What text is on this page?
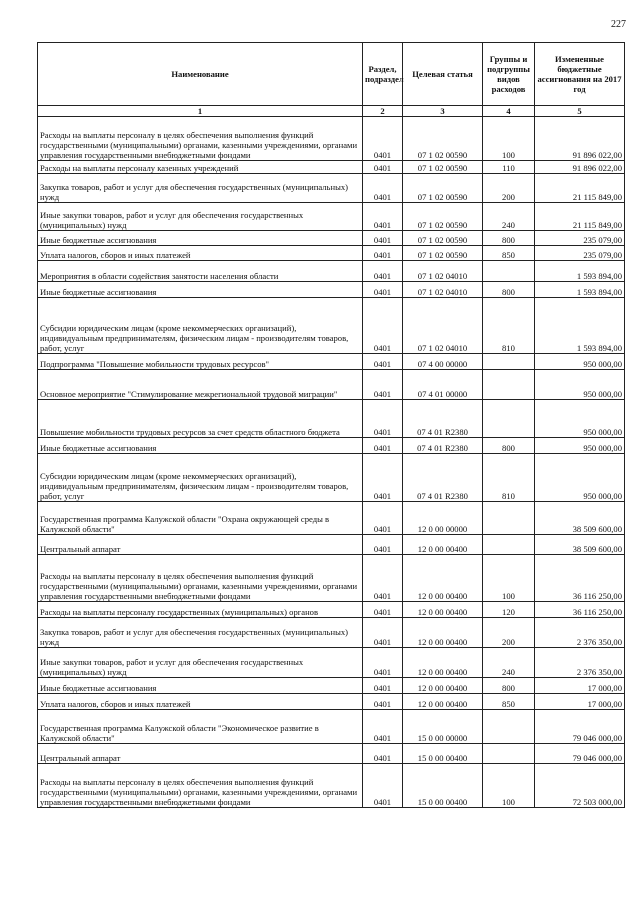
227
Наименование	Раздел, подраздел	Целевая статья	Группы и подгруппы видов расходов	Измененные бюджетные ассигнования на 2017 год
1	2	3	4	5
Расходы на выплаты персоналу в целях обеспечения выполнения функций государственными (муниципальными) органами, казенными учреждениями, органами управления государственными внебюджетными фондами	0401	07 1 02 00590	100	91 896 022,00
Расходы на выплаты персоналу казенных учреждений	0401	07 1 02 00590	110	91 896 022,00
Закупка товаров, работ и услуг для обеспечения государственных (муниципальных) нужд	0401	07 1 02 00590	200	21 115 849,00
Иные закупки товаров, работ и услуг для обеспечения государственных (муниципальных) нужд	0401	07 1 02 00590	240	21 115 849,00
Иные бюджетные ассигнования	0401	07 1 02 00590	800	235 079,00
Уплата налогов, сборов и иных платежей	0401	07 1 02 00590	850	235 079,00
Мероприятия в области содействия занятости населения области	0401	07 1 02 04010		1 593 894,00
Иные бюджетные ассигнования	0401	07 1 02 04010	800	1 593 894,00
Субсидии юридическим лицам (кроме некоммерческих организаций), индивидуальным предпринимателям, физическим лицам - производителям товаров, работ, услуг	0401	07 1 02 04010	810	1 593 894,00
Подпрограмма "Повышение мобильности трудовых ресурсов"	0401	07 4 00 00000		950 000,00
Основное мероприятие "Стимулирование межрегиональной трудовой миграции"	0401	07 4 01 00000		950 000,00
Повышение мобильности трудовых ресурсов за счет средств областного бюджета	0401	07 4 01 R2380		950 000,00
Иные бюджетные ассигнования	0401	07 4 01 R2380	800	950 000,00
Субсидии юридическим лицам (кроме некоммерческих организаций), индивидуальным предпринимателям, физическим лицам - производителям товаров, работ, услуг	0401	07 4 01 R2380	810	950 000,00
Государственная программа Калужской области "Охрана окружающей среды в Калужской области"	0401	12 0 00 00000		38 509 600,00
Центральный аппарат	0401	12 0 00 00400		38 509 600,00
Расходы на выплаты персоналу в целях обеспечения выполнения функций государственными (муниципальными) органами, казенными учреждениями, органами управления государственными внебюджетными фондами	0401	12 0 00 00400	100	36 116 250,00
Расходы на выплаты персоналу государственных (муниципальных) органов	0401	12 0 00 00400	120	36 116 250,00
Закупка товаров, работ и услуг для обеспечения государственных (муниципальных) нужд	0401	12 0 00 00400	200	2 376 350,00
Иные закупки товаров, работ и услуг для обеспечения государственных (муниципальных) нужд	0401	12 0 00 00400	240	2 376 350,00
Иные бюджетные ассигнования	0401	12 0 00 00400	800	17 000,00
Уплата налогов, сборов и иных платежей	0401	12 0 00 00400	850	17 000,00
Государственная программа Калужской области "Экономическое развитие в Калужской области"	0401	15 0 00 00000		79 046 000,00
Центральный аппарат	0401	15 0 00 00400		79 046 000,00
Расходы на выплаты персоналу в целях обеспечения выполнения функций государственными (муниципальными) органами, казенными учреждениями, органами управления государственными внебюджетными фондами	0401	15 0 00 00400	100	72 503 000,00
